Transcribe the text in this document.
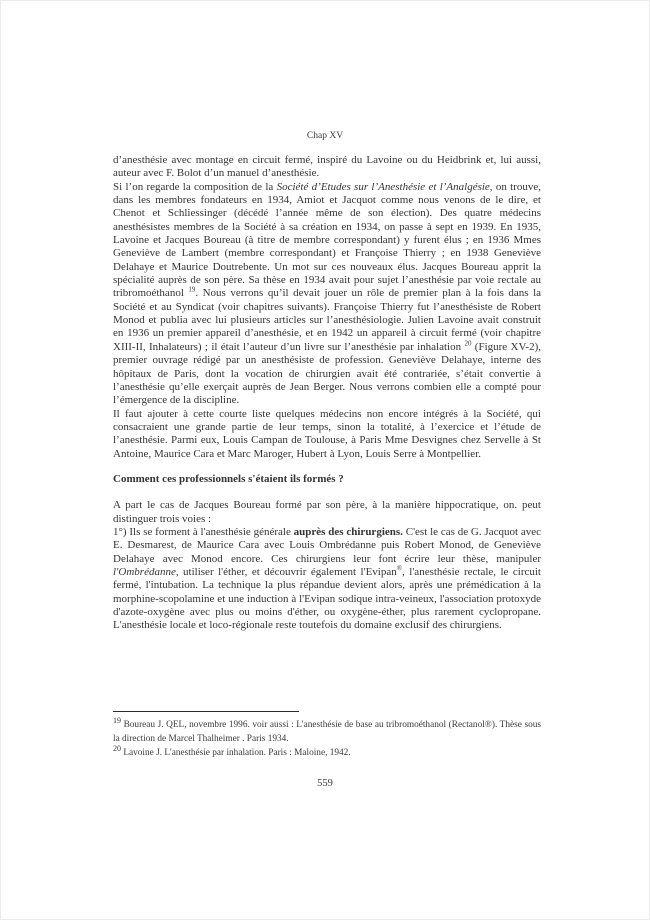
Chap XV

d’anesthésie avec montage en circuit fermé, inspiré du Lavoine ou du Heidbrink et, lui aussi, auteur avec F. Bolot d’un manuel d’anesthésie.

Si l’on regarde la composition de la Société d’Etudes sur l’Anesthésie et l’Analgésie, on trouve, dans les membres fondateurs en 1934, Amiot et Jacquot comme nous venons de le dire, et Chenot et Schliessinger (décédé l’année même de son élection). Des quatre médecins anesthésistes membres de la Société à sa création en 1934, on passe à sept en 1939. En 1935, Lavoine et Jacques Boureau (à titre de membre correspondant) y furent élus ; en 1936 Mmes Geneviève de Lambert (membre correspondant) et Françoise Thierry ; en 1938 Geneviève Delahaye et Maurice Doutrebente. Un mot sur ces nouveaux élus. Jacques Boureau apprit la spécialité auprès de son père. Sa thèse en 1934 avait pour sujet l’anesthésie par voie rectale au tribromoéthanol $^{19}$. Nous verrons qu’il devait jouer un rôle de premier plan à la fois dans la Société et au Syndicat (voir chapitres suivants). Françoise Thierry fut l’anesthésiste de Robert Monod et publia avec lui plusieurs articles sur l’anesthésiologie. Julien Lavoine avait construit en 1936 un premier appareil d’anesthésie, et en 1942 un appareil à circuit fermé (voir chapitre XIII-II, Inhalateurs) ; il était l’auteur d’un livre sur l’anesthésie par inhalation $^{20}$ (Figure XV-2), premier ouvrage rédigé par un anesthésiste de profession. Geneviève Delahaye, interne des hôpitaux de Paris, dont la vocation de chirurgien avait été contrariée, s’était convertie à l’anesthésie qu’elle exerçait auprès de Jean Berger. Nous verrons combien elle a compté pour l’émergence de la discipline.

Il faut ajouter à cette courte liste quelques médecins non encore intégrés à la Société, qui consacraient une grande partie de leur temps, sinon la totalité, à l’exercice et l’étude de l’anesthésie. Parmi eux, Louis Campan de Toulouse, à Paris Mme Desvignes chez Servelle à St Antoine, Maurice Cara et Marc Maroger, Hubert à Lyon, Louis Serre à Montpellier.

Comment ces professionnels s'étaient ils formés ?

A part le cas de Jacques Boureau formé par son père, à la manière hippocratique, on. peut distinguer trois voies :

1°) Ils se forment à l'anesthésie générale auprès des chirurgiens. C'est le cas de G. Jacquot avec E. Desmarest, de Maurice Cara avec Louis Ombrédanne puis Robert Monod, de Geneviève Delahaye avec Monod encore. Ces chirurgiens leur font écrire leur thèse, manipuler l'Ombrédanne, utiliser l'éther, et découvrir également l'Evipan®, l'anesthésie rectale, le circuit fermé, l'intubation. La technique la plus répandue devient alors, après une prémédication à la morphine-scopolamine et une induction à l'Evipan sodique intra-veineux, l'association protoxyde d'azote-oxygène avec plus ou moins d'éther, ou oxygène-éther, plus rarement cyclopropane. L'anesthésie locale et loco-régionale reste toutefois du domaine exclusif des chirurgiens.

$^{19}$ Boureau J. QEL, novembre 1996. voir aussi : L'anesthésie de base au tribromoéthanol (Rectanol®). Thèse sous la direction de Marcel Thalheimer . Paris 1934.

$^{20}$ Lavoine J. L'anesthésie par inhalation. Paris : Maloine, 1942.

559
